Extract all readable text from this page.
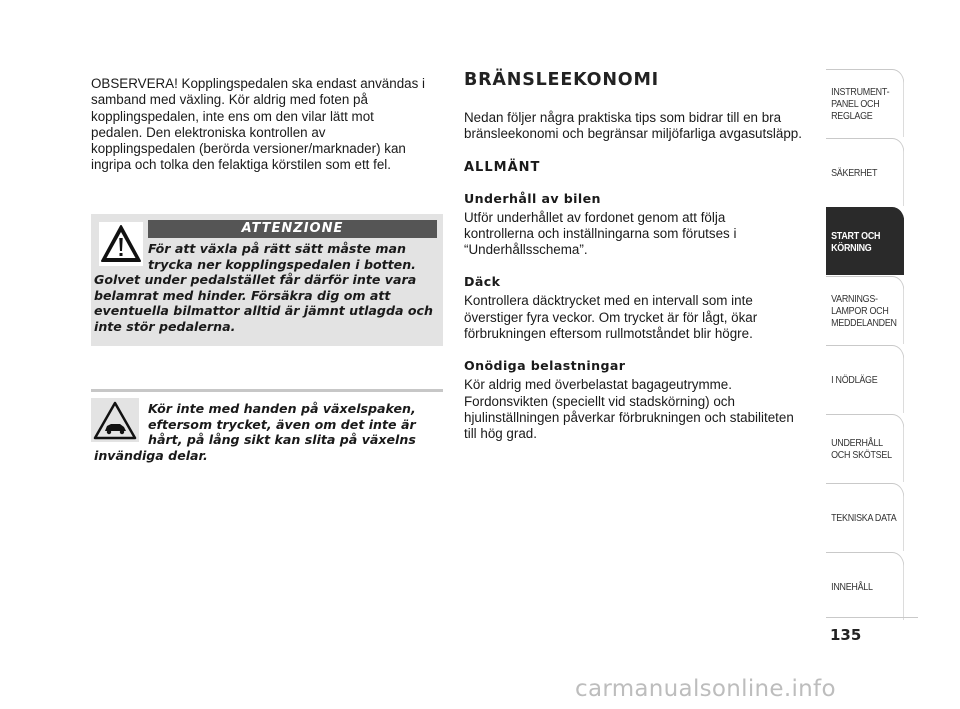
OBSERVERA! Kopplingspedalen ska endast användas i
samband med växling. Kör aldrig med foten på
kopplingspedalen, inte ens om den vilar lätt mot
pedalen. Den elektroniska kontrollen av
kopplingspedalen (berörda versioner/marknader) kan
ingripa och tolka den felaktiga körstilen som ett fel.

ATTENZIONE
För att växla på rätt sätt måste man
trycka ner kopplingspedalen i botten.
Golvet under pedalstället får därför inte vara
belamrat med hinder. Försäkra dig om att
eventuella bilmattor alltid är jämnt utlagda och
inte stör pedalerna.
Kör inte med handen på växelspaken,
eftersom trycket, även om det inte är
hårt, på lång sikt kan slita på växelns
invändiga delar.
BRÄNSLEEKONOMI

Nedan följer några praktiska tips som bidrar till en bra
bränsleekonomi och begränsar miljöfarliga avgasutsläpp.

ALLMÄNT
Underhåll av bilen

Utför underhållet av fordonet genom att följa
kontrollerna och inställningarna som förutses i
“Underhållsschema”.

Däck

Kontrollera däcktrycket med en intervall som inte
överstiger fyra veckor. Om trycket är för lågt, ökar
förbrukningen eftersom rullmotståndet blir högre.

Onödiga belastningar

Kör aldrig med överbelastat bagageutrymme.
Fordonsvikten (speciellt vid stadskörning) och
hjulinställningen påverkar förbrukningen och stabiliteten
till hög grad.

INSTRUMENT-
PANEL OCH
REGLAGE
SÄKERHET
START OCH
KÖRNING
VARNINGS-
LAMPOR OCH
MEDDELANDEN
I NÖDLÄGE
UNDERHÅLL
OCH SKÖTSEL
TEKNISKA DATA
INNEHÅLL
135
carmanualsonline.info
